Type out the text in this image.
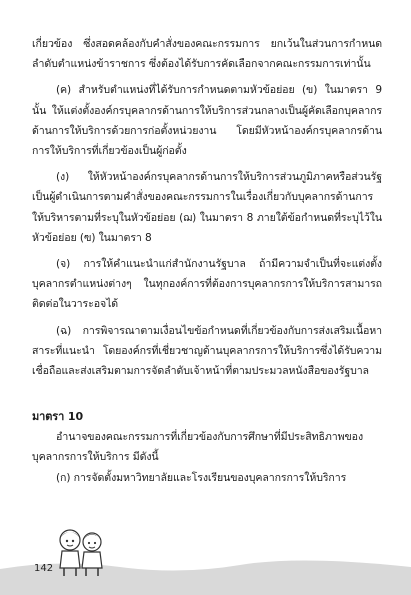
เกี่ยวข้อง ซึ่งสอดคล้องกับคำสั่งของคณะกรรมการ ยกเว้นในส่วนการกำหนดลำดับตำแหน่งข้าราชการ ซึ่งต้องได้รับการคัดเลือกจากคณะกรรมการเท่านั้น

(ค) สำหรับตำแหน่งที่ได้รับการกำหนดตามหัวข้อย่อย (ข) ในมาตรา 9 นั้น ให้แต่งตั้งองค์กรบุคลากรด้านการให้บริการส่วนกลางเป็นผู้คัดเลือกบุคลากรด้านการให้บริการด้วยการก่อตั้งหน่วยงาน โดยมีหัวหน้าองค์กรบุคลากรด้านการให้บริการที่เกี่ยวข้องเป็นผู้ก่อตั้ง

(ง) ให้หัวหน้าองค์กรบุคลากรด้านการให้บริการส่วนภูมิภาคหรือส่วนรัฐเป็นผู้ดำเนินการตามคำสั่งของคณะกรรมการในเรื่องเกี่ยวกับบุคลากรด้านการให้บริหารตามที่ระบุในหัวข้อย่อย (ฌ) ในมาตรา 8 ภายใต้ข้อกำหนดที่ระบุไว้ในหัวข้อย่อย (ฃ) ในมาตรา 8

(จ) การให้คำแนะนำแก่สำนักงานรัฐบาล ถ้ามีความจำเป็นที่จะแต่งตั้งบุคลากรตำแหน่งต่างๆ ในทุกองค์การที่ต้องการบุคลากรการให้บริการสามารถติดต่อในวาระอจได้

(ฉ) การพิจารณาตามเงื่อนไขข้อกำหนดที่เกี่ยวข้องกับการส่งเสริมเนื้อหาสาระที่แนะนำ โดยองค์กรที่เชี่ยวชาญด้านบุคลากรการให้บริการซึ่งได้รับความเชื่อถือและส่งเสริมตามการจัดลำดับเจ้าหน้าที่ตามประมวลหนังสือของรัฐบาล

มาตรา 10

อำนาจของคณะกรรมการที่เกี่ยวข้องกับการศึกษาที่มีประสิทธิภาพของบุคลากรการให้บริการ มีดังนี้

(ก) การจัดตั้งมหาวิทยาลัยและโรงเรียนของบุคลากรการให้บริการ

142
